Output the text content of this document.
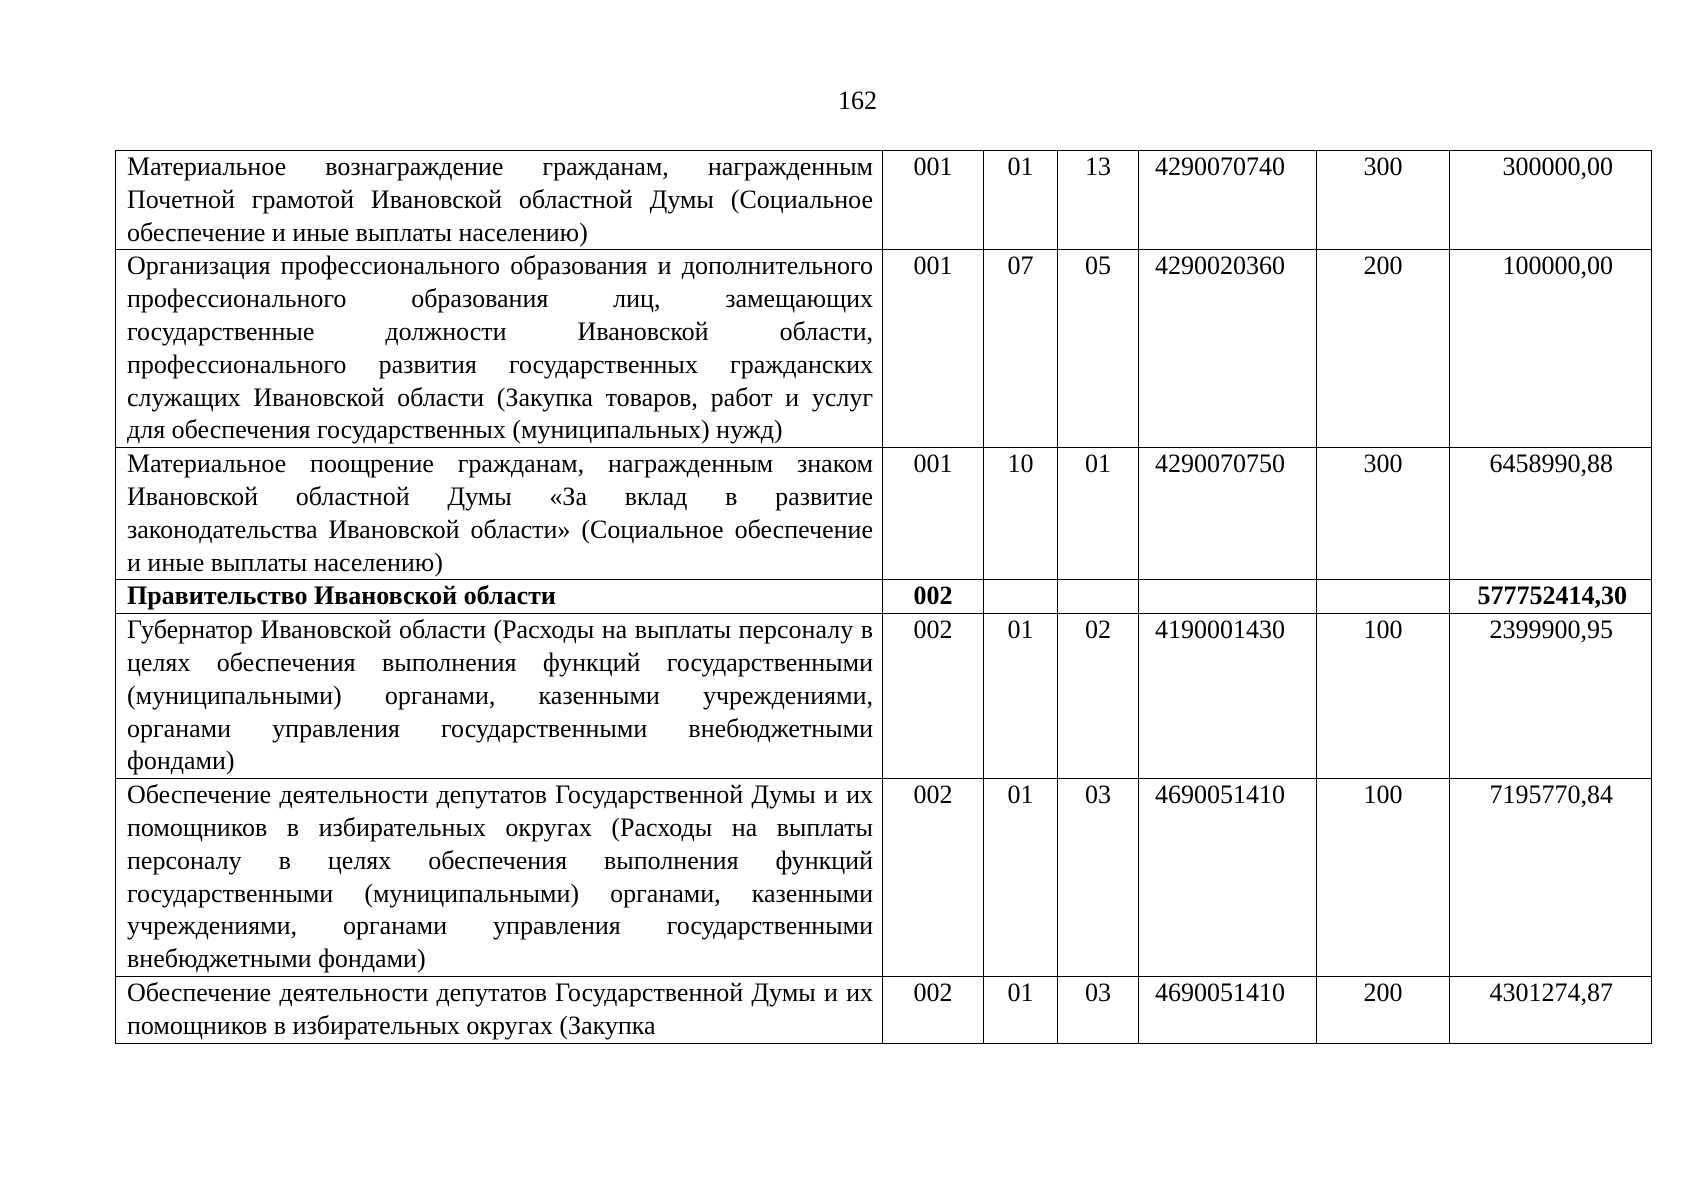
162
Материальное вознаграждение гражданам, награжденным Почетной грамотой Ивановской областной Думы (Социальное обеспечение и иные выплаты населению)	001	01	13	4290070740	300	300000,00
Организация профессионального образования и дополнительного профессионального образования лиц, замещающих государственные должности Ивановской области, профессионального развития государственных гражданских служащих Ивановской области (Закупка товаров, работ и услуг для обеспечения государственных (муниципальных) нужд)	001	07	05	4290020360	200	100000,00
Материальное поощрение гражданам, награжденным знаком Ивановской областной Думы «За вклад в развитие законодательства Ивановской области» (Социальное обеспечение и иные выплаты населению)	001	10	01	4290070750	300	6458990,88
Правительство Ивановской области	002					577752414,30
Губернатор Ивановской области (Расходы на выплаты персоналу в целях обеспечения выполнения функций государственными (муниципальными) органами, казенными учреждениями, органами управления государственными внебюджетными фондами)	002	01	02	4190001430	100	2399900,95
Обеспечение деятельности депутатов Государственной Думы и их помощников в избирательных округах (Расходы на выплаты персоналу в целях обеспечения выполнения функций государственными (муниципальными) органами, казенными учреждениями, органами управления государственными внебюджетными фондами)	002	01	03	4690051410	100	7195770,84
Обеспечение деятельности депутатов Государственной Думы и их помощников в избирательных округах (Закупка	002	01	03	4690051410	200	4301274,87
